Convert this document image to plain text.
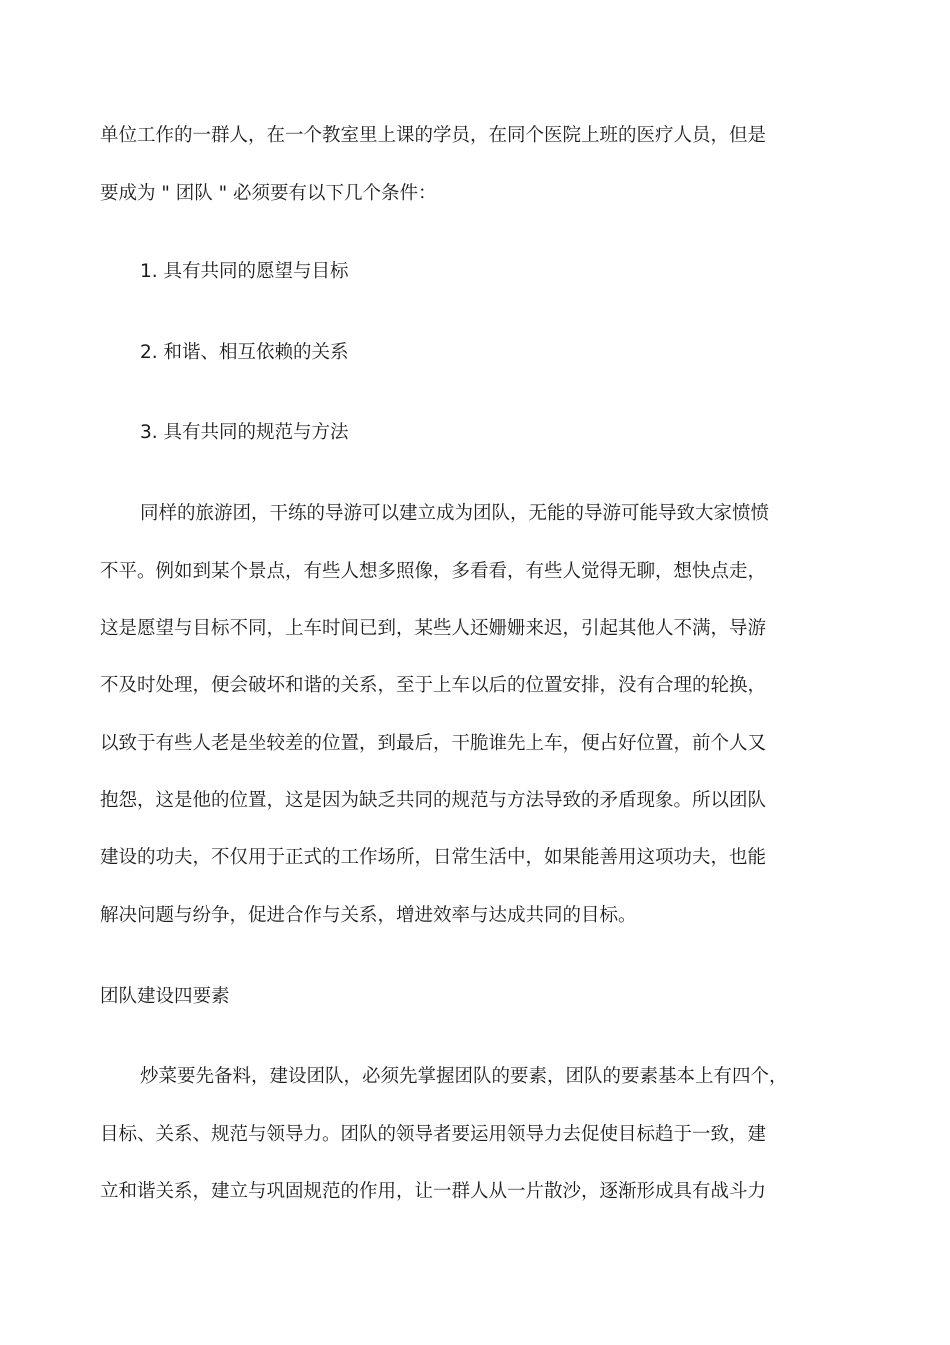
单位工作的一群人，在一个教室里上课的学员，在同个医院上班的医疗人员，但是
要成为 " 团队 " 必须要有以下几个条件：
1. 具有共同的愿望与目标
2. 和谐、相互依赖的关系
3. 具有共同的规范与方法
同样的旅游团，干练的导游可以建立成为团队，无能的导游可能导致大家愤愤
不平。例如到某个景点，有些人想多照像，多看看，有些人觉得无聊，想快点走，
这是愿望与目标不同，上车时间已到，某些人还姗姗来迟，引起其他人不满，导游
不及时处理，便会破坏和谐的关系，至于上车以后的位置安排，没有合理的轮换，
以致于有些人老是坐较差的位置，到最后，干脆谁先上车，便占好位置，前个人又
抱怨，这是他的位置，这是因为缺乏共同的规范与方法导致的矛盾现象。所以团队
建设的功夫，不仅用于正式的工作场所，日常生活中，如果能善用这项功夫，也能
解决问题与纷争，促进合作与关系，增进效率与达成共同的目标。
团队建设四要素
炒菜要先备料，建设团队，必须先掌握团队的要素，团队的要素基本上有四个，
目标、关系、规范与领导力。团队的领导者要运用领导力去促使目标趋于一致，建
立和谐关系，建立与巩固规范的作用，让一群人从一片散沙，逐渐形成具有战斗力
